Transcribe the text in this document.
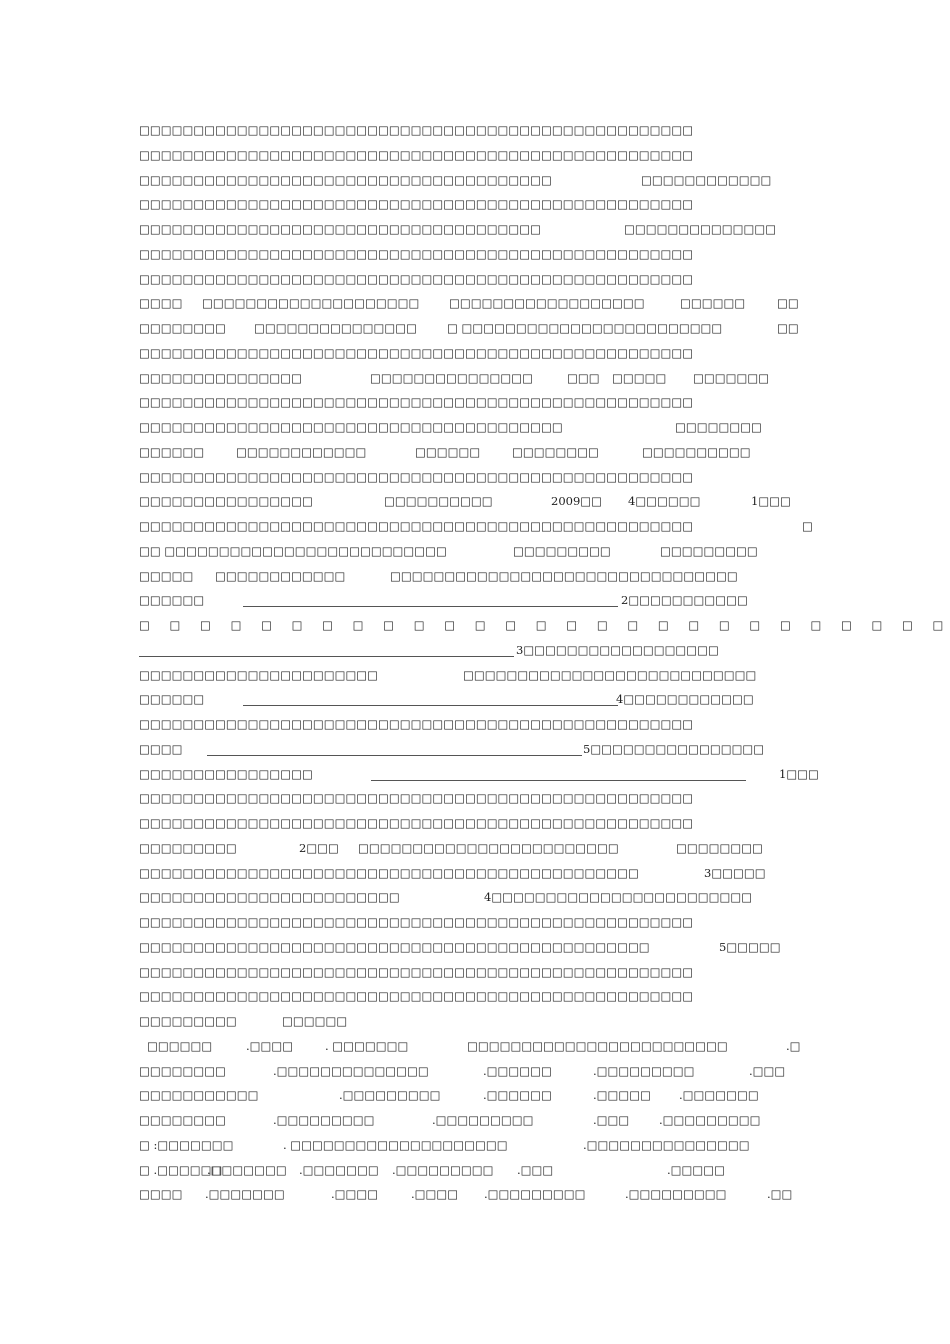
□□□□□□□□□□□□□□□□□□□□□□□□□□□□□□□□□□□□□□□□□□□□□□□□□□□
□□□□□□□□□□□□□□□□□□□□□□□□□□□□□□□□□□□□□□□□□□□□□□□□□□□
□□□□□□□□□□□□□□□□□□□□□□□□□□□□□□□□□□□□□□	□□□□□□□□□□□□
□□□□□□□□□□□□□□□□□□□□□□□□□□□□□□□□□□□□□□□□□□□□□□□□□□□
□□□□□□□□□□□□□□□□□□□□□□□□□□□□□□□□□□□□□	□□□□□□□□□□□□□□
□□□□□□□□□□□□□□□□□□□□□□□□□□□□□□□□□□□□□□□□□□□□□□□□□□□
□□□□□□□□□□□□□□□□□□□□□□□□□□□□□□□□□□□□□□□□□□□□□□□□□□□
□□□□ □□□□□□□□□□□□□□□□□□□□	□□□□□□□□□□□□□□□□□□	□□□□□□	□□
□□□□□□□□ □□□□□□□□□□□□□□□	□ □□□□□□□□□□□□□□□□□□□□□□□□	□□
□□□□□□□□□□□□□□□□□□□□□□□□□□□□□□□□□□□□□□□□□□□□□□□□□□□
□□□□□□□□□□□□□□□	□□□□□□□□□□□□□□□	□□□ □□□□□ □□□□□□□
□□□□□□□□□□□□□□□□□□□□□□□□□□□□□□□□□□□□□□□□□□□□□□□□□□□
□□□□□□□□□□□□□□□□□□□□□□□□□□□□□□□□□□□□□□□	□□□□□□□□
□□□□□□	□□□□□□□□□□□□	□□□□□□	□□□□□□□□	□□□□□□□□□□
□□□□□□□□□□□□□□□□□□□□□□□□□□□□□□□□□□□□□□□□□□□□□□□□□□□
□□□□□□□□□□□□□□□□	□□□□□□□□□□	2009□□ 4□□□□□□	1□□□
□□□□□□□□□□□□□□□□□□□□□□□□□□□□□□□□□□□□□□□□□□□□□□□□□□□	□
□□ □□□□□□□□□□□□□□□□□□□□□□□□□□	□□□□□□□□□	□□□□□□□□□
□□□□□ □□□□□□□□□□□□	□□□□□□□□□□□□□□□□□□□□□□□□□□□□□□□□
□□□□□□	2□□□□□□□□□□□
□ □ □ □ □ □ □ □ □ □ □ □ □ □ □ □ □ □ □ □ □ □ □ □ □ □ □
3□□□□□□□□□□□□□□□□□□
□□□□□□□□□□□□□□□□□□□□□□	□□□□□□□□□□□□□□□□□□□□□□□□□□□
□□□□□□	4□□□□□□□□□□□□
□□□□□□□□□□□□□□□□□□□□□□□□□□□□□□□□□□□□□□□□□□□□□□□□□□□
□□□□	5□□□□□□□□□□□□□□□□
□□□□□□□□□□□□□□□□	1□□□
□□□□□□□□□□□□□□□□□□□□□□□□□□□□□□□□□□□□□□□□□□□□□□□□□□□
□□□□□□□□□□□□□□□□□□□□□□□□□□□□□□□□□□□□□□□□□□□□□□□□□□□
□□□□□□□□□	2□□□ □□□□□□□□□□□□□□□□□□□□□□□□	□□□□□□□□
□□□□□□□□□□□□□□□□□□□□□□□□□□□□□□□□□□□□□□□□□□□□□□	3□□□□□
□□□□□□□□□□□□□□□□□□□□□□□□	4□□□□□□□□□□□□□□□□□□□□□□□□
□□□□□□□□□□□□□□□□□□□□□□□□□□□□□□□□□□□□□□□□□□□□□□□□□□□
□□□□□□□□□□□□□□□□□□□□□□□□□□□□□□□□□□□□□□□□□□□□□□□	5□□□□□
□□□□□□□□□□□□□□□□□□□□□□□□□□□□□□□□□□□□□□□□□□□□□□□□□□□
□□□□□□□□□□□□□□□□□□□□□□□□□□□□□□□□□□□□□□□□□□□□□□□□□□□
□□□□□□□□□	□□□□□□
□□□□□□	.□□□□	. □□□□□□□	□□□□□□□□□□□□□□□□□□□□□□□□	.□
□□□□□□□□	.□□□□□□□□□□□□□□	.□□□□□□	.□□□□□□□□□	.□□□
□□□□□□□□□□□	.□□□□□□□□□	.□□□□□□	.□□□□□ .□□□□□□□
□□□□□□□□	.□□□□□□□□□	.□□□□□□□□□	.□□□	.□□□□□□□□□
□ :□□□□□□□	. □□□□□□□□□□□□□□□□□□□□	.□□□□□□□□□□□□□□□
□ .□□□□□□
.□□□□□□□ .□□□□□□□ .□□□□□□□□□ .□□□	.□□□□□
□□□□ .□□□□□□□	.□□□□	.□□□□ .□□□□□□□□□	.□□□□□□□□□	.□□
